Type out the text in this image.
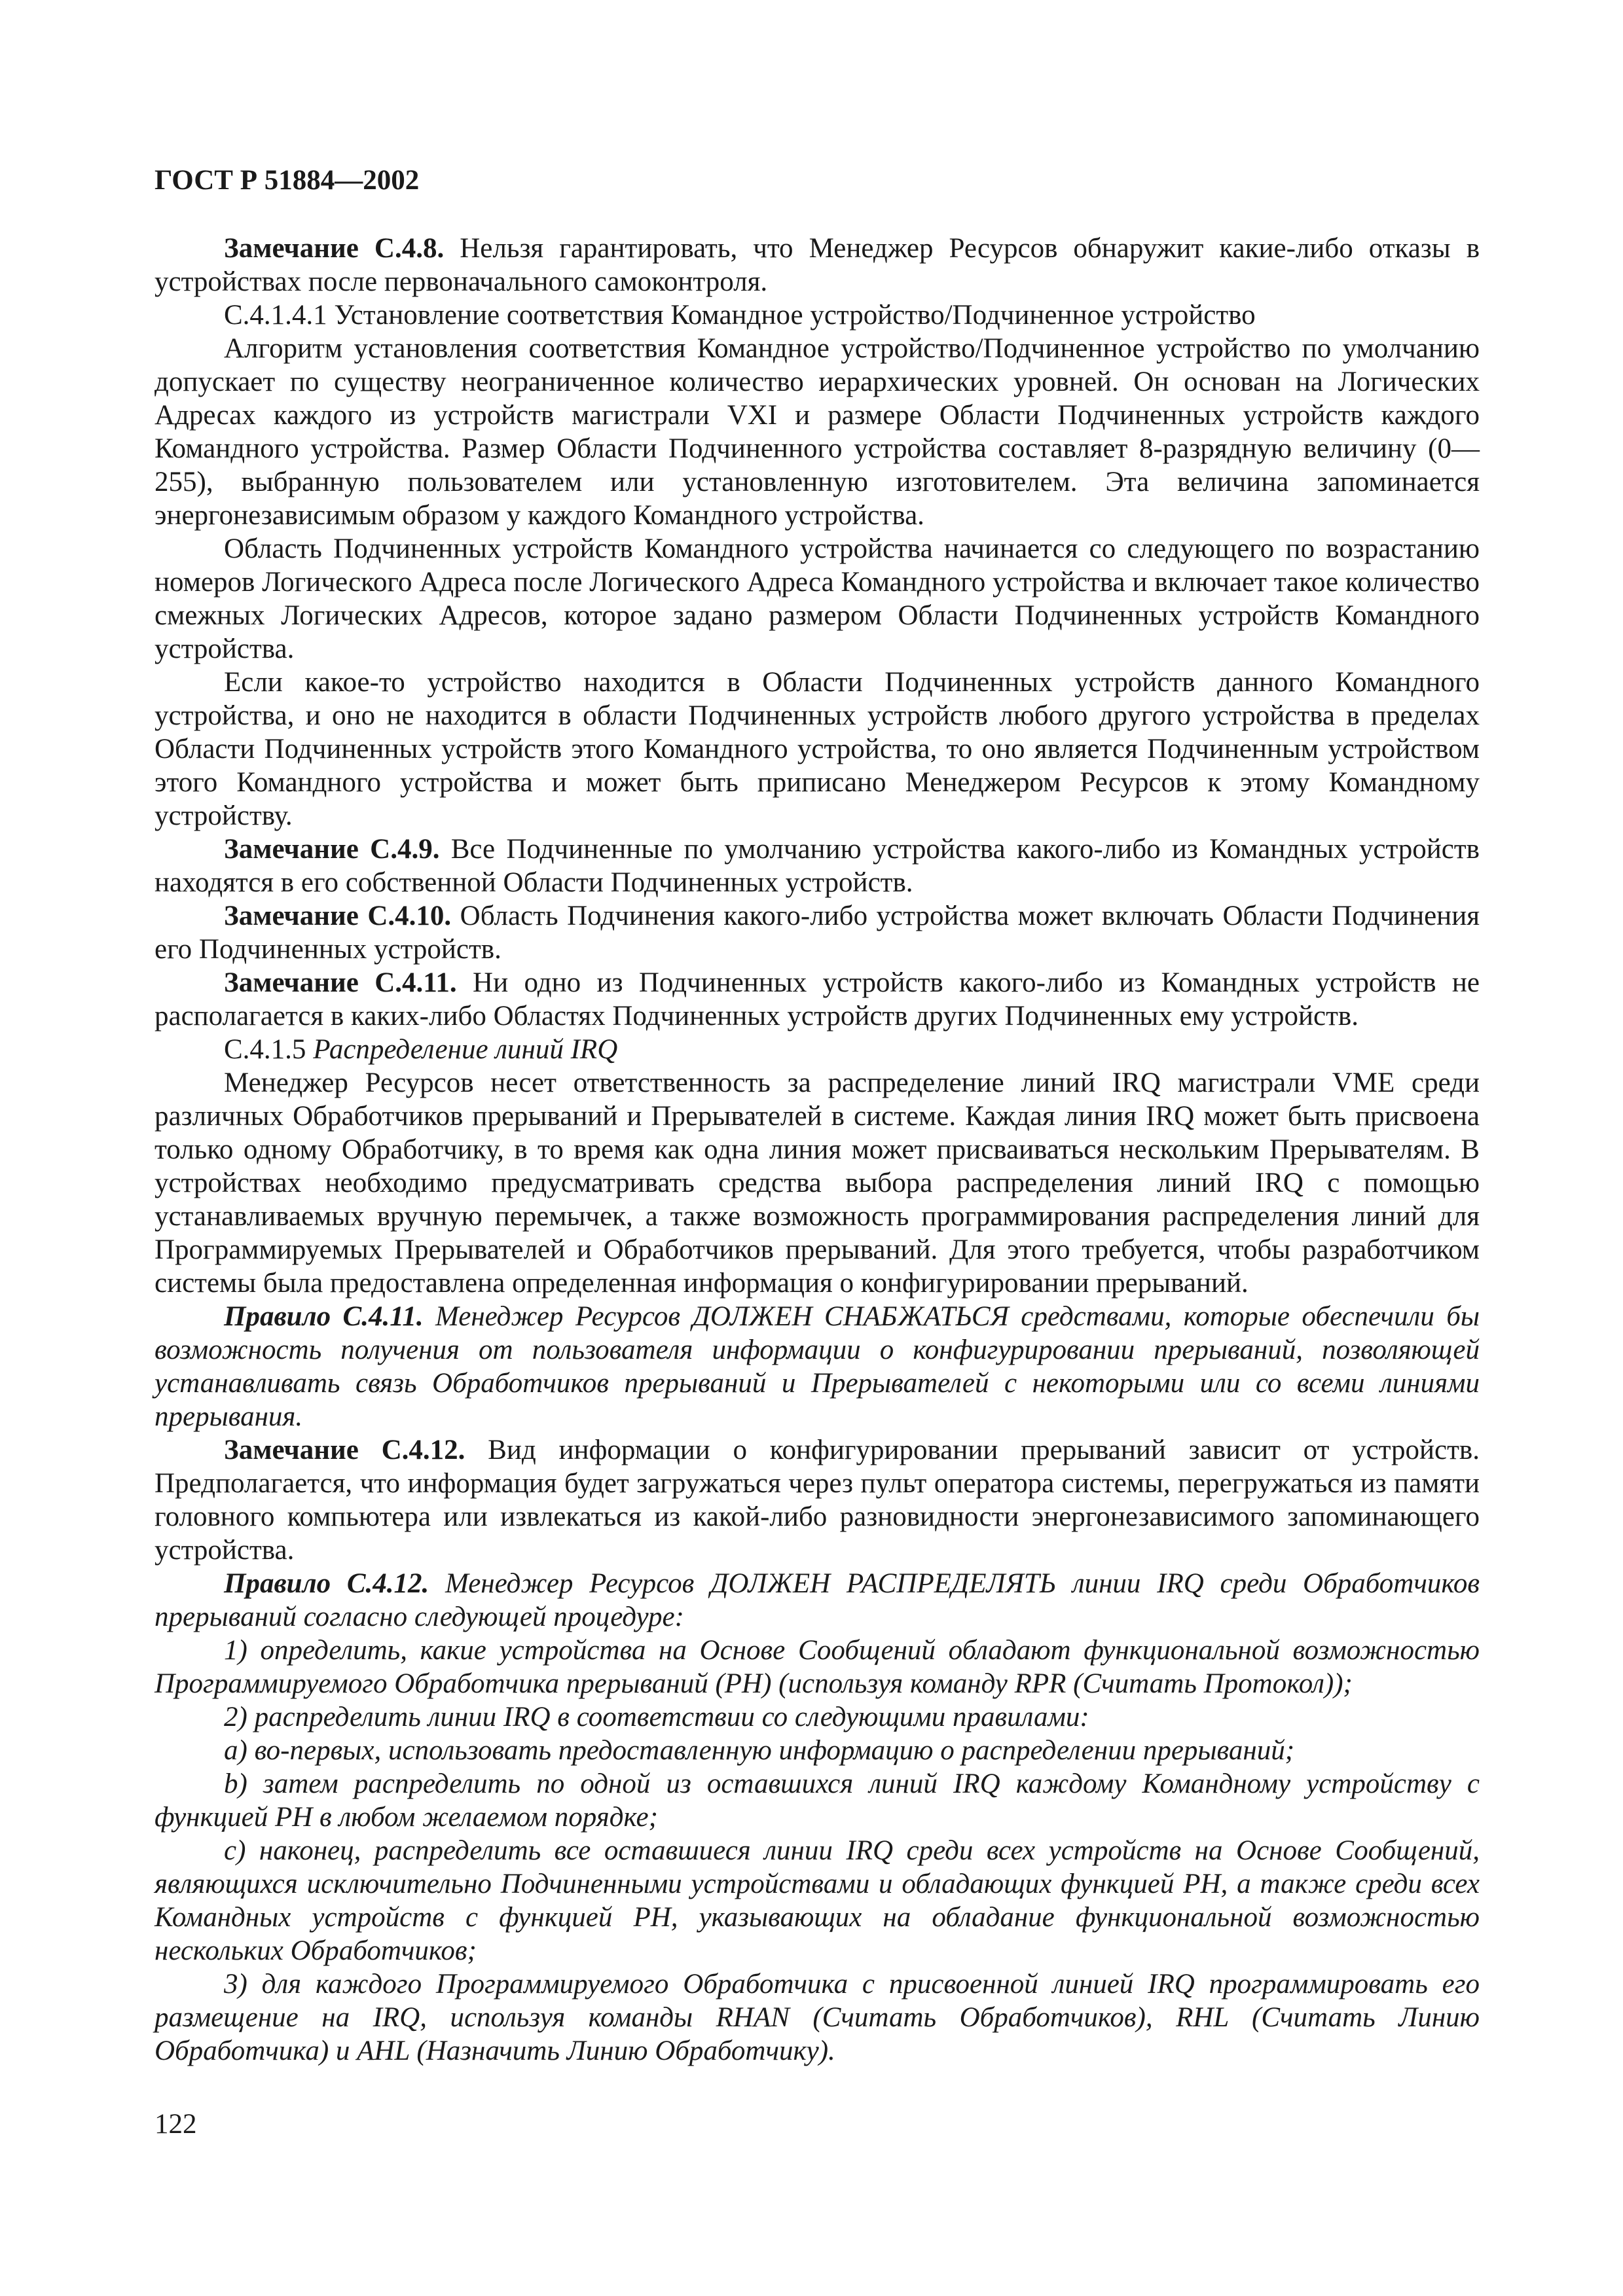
ГОСТ Р 51884—2002

Замечание С.4.8. Нельзя гарантировать, что Менеджер Ресурсов обнаружит какие-либо отказы в устройствах после первоначального самоконтроля.

С.4.1.4.1 Установление соответствия Командное устройство/Подчиненное устройство

Алгоритм установления соответствия Командное устройство/Подчиненное устройство по умолчанию допускает по существу неограниченное количество иерархических уровней. Он основан на Логических Адресах каждого из устройств магистрали VXI и размере Области Подчиненных устройств каждого Командного устройства. Размер Области Подчиненного устройства составляет 8-разрядную величину (0—255), выбранную пользователем или установленную изготовителем. Эта величина запоминается энергонезависимым образом у каждого Командного устройства.

Область Подчиненных устройств Командного устройства начинается со следующего по возрастанию номеров Логического Адреса после Логического Адреса Командного устройства и включает такое количество смежных Логических Адресов, которое задано размером Области Подчиненных устройств Командного устройства.

Если какое-то устройство находится в Области Подчиненных устройств данного Командного устройства, и оно не находится в области Подчиненных устройств любого другого устройства в пределах Области Подчиненных устройств этого Командного устройства, то оно является Подчиненным устройством этого Командного устройства и может быть приписано Менеджером Ресурсов к этому Командному устройству.

Замечание С.4.9. Все Подчиненные по умолчанию устройства какого-либо из Командных устройств находятся в его собственной Области Подчиненных устройств.

Замечание С.4.10. Область Подчинения какого-либо устройства может включать Области Подчинения его Подчиненных устройств.

Замечание С.4.11. Ни одно из Подчиненных устройств какого-либо из Командных устройств не располагается в каких-либо Областях Подчиненных устройств других Подчиненных ему устройств.

С.4.1.5 Распределение линий IRQ

Менеджер Ресурсов несет ответственность за распределение линий IRQ магистрали VME среди различных Обработчиков прерываний и Прерывателей в системе. Каждая линия IRQ может быть присвоена только одному Обработчику, в то время как одна линия может присваиваться нескольким Прерывателям. В устройствах необходимо предусматривать средства выбора распределения линий IRQ с помощью устанавливаемых вручную перемычек, а также возможность программирования распределения линий для Программируемых Прерывателей и Обработчиков прерываний. Для этого требуется, чтобы разработчиком системы была предоставлена определенная информация о конфигурировании прерываний.

Правило С.4.11. Менеджер Ресурсов ДОЛЖЕН СНАБЖАТЬСЯ средствами, которые обеспечили бы возможность получения от пользователя информации о конфигурировании прерываний, позволяющей устанавливать связь Обработчиков прерываний и Прерывателей с некоторыми или со всеми линиями прерывания.

Замечание С.4.12. Вид информации о конфигурировании прерываний зависит от устройств. Предполагается, что информация будет загружаться через пульт оператора системы, перегружаться из памяти головного компьютера или извлекаться из какой-либо разновидности энергонезависимого запоминающего устройства.

Правило С.4.12. Менеджер Ресурсов ДОЛЖЕН РАСПРЕДЕЛЯТЬ линии IRQ среди Обработчиков прерываний согласно следующей процедуре:

1) определить, какие устройства на Основе Сообщений обладают функциональной возможностью Программируемого Обработчика прерываний (PH) (используя команду RPR (Считать Протокол));

2) распределить линии IRQ в соответствии со следующими правилами:

а) во-первых, использовать предоставленную информацию о распределении прерываний;

b) затем распределить по одной из оставшихся линий IRQ каждому Командному устройству с функцией PH в любом желаемом порядке;

с) наконец, распределить все оставшиеся линии IRQ среди всех устройств на Основе Сообщений, являющихся исключительно Подчиненными устройствами и обладающих функцией PH, а также среди всех Командных устройств с функцией PH, указывающих на обладание функциональной возможностью нескольких Обработчиков;

3) для каждого Программируемого Обработчика с присвоенной линией IRQ программировать его размещение на IRQ, используя команды RHAN (Считать Обработчиков), RHL (Считать Линию Обработчика) и AHL (Назначить Линию Обработчику).

122
